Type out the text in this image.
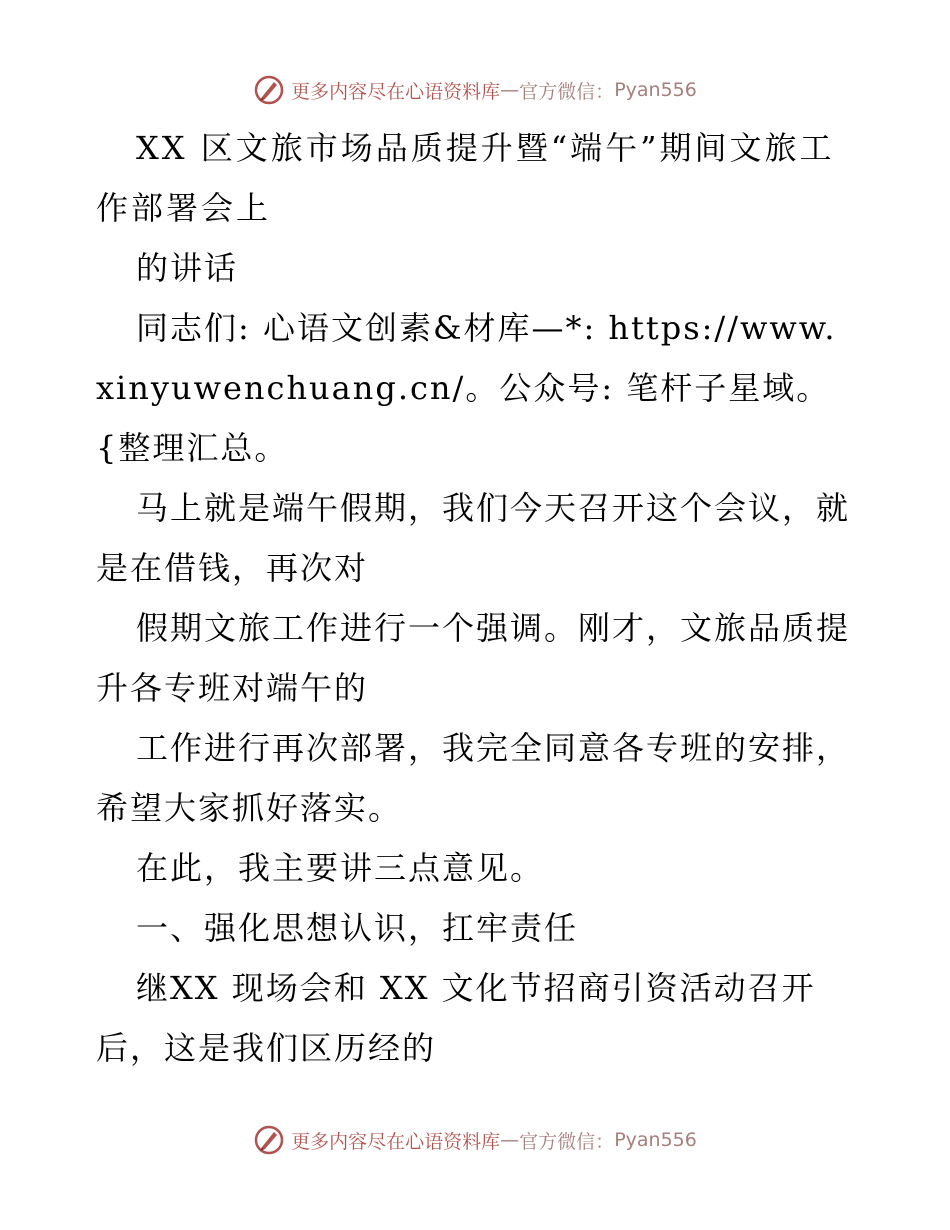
更多内容尽在心语资料库 — 官方微信： Pyan556

XX 区文旅市场品质提升暨“端午”期间文旅工作部署会上

的讲话

同志们: 心语文创素&材库—*: https://www.xinyuwenchuang.cn/。公众号: 笔杆子星域。{整理汇总。

马上就是端午假期，我们今天召开这个会议，就是在借钱，再次对

假期文旅工作进行一个强调。刚才，文旅品质提升各专班对端午的

工作进行再次部署，我完全同意各专班的安排，希望大家抓好落实。

在此，我主要讲三点意见。

一、强化思想认识，扛牢责任

继XX 现场会和 XX 文化节招商引资活动召开后，这是我们区历经的

更多内容尽在心语资料库 — 官方微信： Pyan556
